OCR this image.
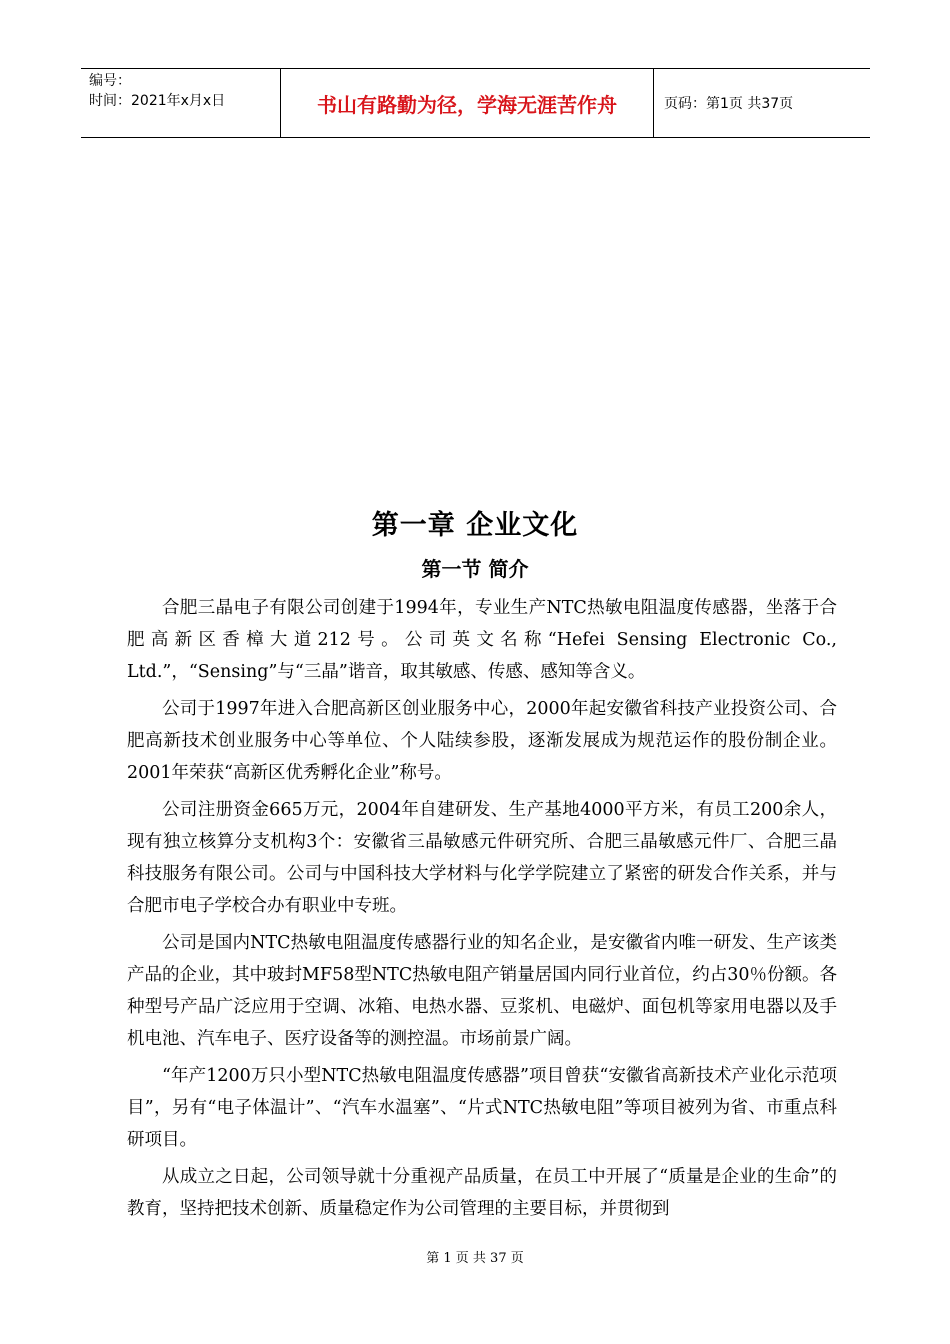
编号：
时间：2021年x月x日	书山有路勤为径，学海无涯苦作舟	页码：第1页 共37页
第一章 企业文化
第一节 简介

合肥三晶电子有限公司创建于1994年，专业生产NTC热敏电阻温度传感器，坐落于合肥高新区香樟大道212号。公司英文名称“Hefei Sensing Electronic Co., Ltd.”，“Sensing”与“三晶”谐音，取其敏感、传感、感知等含义。

公司于1997年进入合肥高新区创业服务中心，2000年起安徽省科技产业投资公司、合肥高新技术创业服务中心等单位、个人陆续参股，逐渐发展成为规范运作的股份制企业。2001年荣获“高新区优秀孵化企业”称号。

公司注册资金665万元，2004年自建研发、生产基地4000平方米，有员工200余人，现有独立核算分支机构3个：安徽省三晶敏感元件研究所、合肥三晶敏感元件厂、合肥三晶科技服务有限公司。公司与中国科技大学材料与化学学院建立了紧密的研发合作关系，并与合肥市电子学校合办有职业中专班。

公司是国内NTC热敏电阻温度传感器行业的知名企业，是安徽省内唯一研发、生产该类产品的企业，其中玻封MF58型NTC热敏电阻产销量居国内同行业首位，约占30％份额。各种型号产品广泛应用于空调、冰箱、电热水器、豆浆机、电磁炉、面包机等家用电器以及手机电池、汽车电子、医疗设备等的测控温。市场前景广阔。

“年产1200万只小型NTC热敏电阻温度传感器”项目曾获“安徽省高新技术产业化示范项目”，另有“电子体温计”、“汽车水温塞”、“片式NTC热敏电阻”等项目被列为省、市重点科研项目。

从成立之日起，公司领导就十分重视产品质量，在员工中开展了“质量是企业的生命”的教育，坚持把技术创新、质量稳定作为公司管理的主要目标，并贯彻到

第 1 页 共 37 页
